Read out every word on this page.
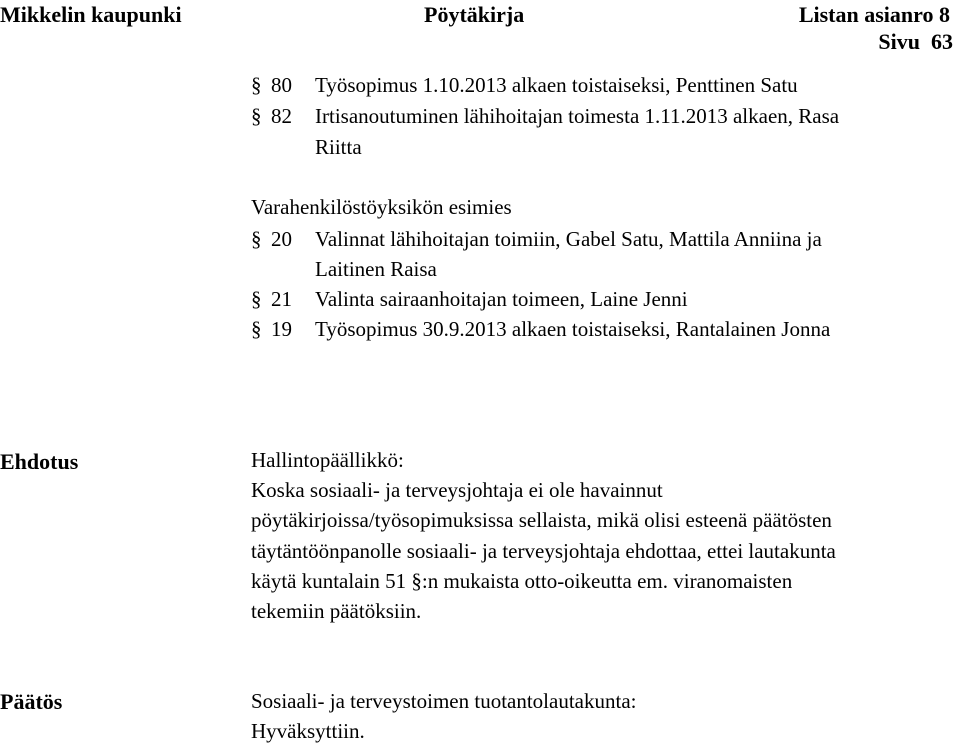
Mikkelin kaupunki	Pöytäkirja	Listan asianro 8
Sivu  63
§ 80 Työsopimus 1.10.2013 alkaen toistaiseksi, Penttinen Satu
§ 82 Irtisanoutuminen lähihoitajan toimesta 1.11.2013 alkaen, Rasa
Riitta
Varahenkilöstöyksikön esimies
§ 20 Valinnat lähihoitajan toimiin, Gabel Satu, Mattila Anniina ja
Laitinen Raisa
§ 21 Valinta sairaanhoitajan toimeen, Laine Jenni
§ 19 Työsopimus 30.9.2013 alkaen toistaiseksi, Rantalainen Jonna
Ehdotus	Hallintopäällikkö:
Koska sosiaali- ja terveysjohtaja ei ole havainnut
pöytäkirjoissa/työsopimuksissa sellaista, mikä olisi esteenä päätösten
täytäntöönpanolle sosiaali- ja terveysjohtaja ehdottaa, ettei lautakunta
käytä kuntalain 51 §:n mukaista otto-oikeutta em. viranomaisten
tekemiin päätöksiin.
Päätös	Sosiaali- ja terveystoimen tuotantolautakunta:
Hyväksyttiin.
